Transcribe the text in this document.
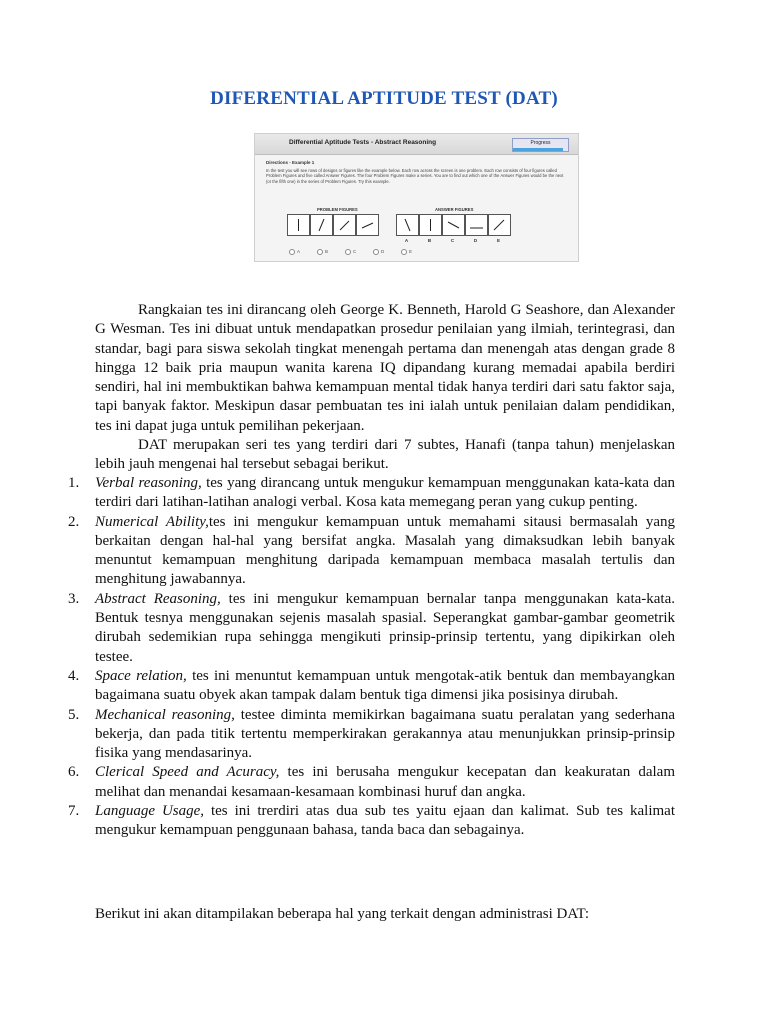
DIFERENTIAL APTITUDE TEST (DAT)
Differential Aptitude Tests - Abstract Reasoning	Progress
Directions - Example 1
In the test you will see rows of designs or figures like the example below. Each row across the screen is one problem. Each row consists of four figures called Problem Figures and five called Answer Figures. The four Problem Figures make a series. You are to find out which one of the Answer Figures would be the next (or the fifth one) in the series of Problem Figures. Try this example.
PROBLEM FIGURES	ANSWER FIGURES
A	B	C	D	E
A	B	C	D	E

Rangkaian tes ini dirancang oleh George K. Benneth, Harold G Seashore, dan Alexander G Wesman. Tes ini dibuat untuk mendapatkan prosedur penilaian yang ilmiah, terintegrasi, dan standar, bagi para siswa sekolah tingkat menengah pertama dan menengah atas dengan grade 8 hingga 12 baik pria maupun wanita karena IQ dipandang kurang memadai apabila berdiri sendiri, hal ini membuktikan bahwa kemampuan mental tidak hanya terdiri dari satu faktor saja, tapi banyak faktor. Meskipun dasar pembuatan tes ini ialah untuk penilaian dalam pendidikan, tes ini dapat juga untuk pemilihan pekerjaan.

DAT merupakan seri tes yang terdiri dari 7 subtes, Hanafi (tanpa tahun) menjelaskan lebih jauh mengenai hal tersebut sebagai berikut.

1. Verbal reasoning, tes yang dirancang untuk mengukur kemampuan menggunakan kata-kata dan terdiri dari latihan-latihan analogi verbal. Kosa kata memegang peran yang cukup penting.
2. Numerical Ability,tes ini mengukur kemampuan untuk memahami sitausi bermasalah yang berkaitan dengan hal-hal yang bersifat angka. Masalah yang dimaksudkan lebih banyak menuntut kemampuan menghitung daripada kemampuan membaca masalah tertulis dan menghitung jawabannya.
3. Abstract Reasoning, tes ini mengukur kemampuan bernalar tanpa menggunakan kata-kata. Bentuk tesnya menggunakan sejenis masalah spasial. Seperangkat gambar-gambar geometrik dirubah sedemikian rupa sehingga mengikuti prinsip-prinsip tertentu, yang dipikirkan oleh testee.
4. Space relation, tes ini menuntut kemampuan untuk mengotak-atik bentuk dan membayangkan bagaimana suatu obyek akan tampak dalam bentuk tiga dimensi jika posisinya dirubah.
5. Mechanical reasoning, testee diminta memikirkan bagaimana suatu peralatan yang sederhana bekerja, dan pada titik tertentu memperkirakan gerakannya atau menunjukkan prinsip-prinsip fisika yang mendasarinya.
6. Clerical Speed and Acuracy, tes ini berusaha mengukur kecepatan dan keakuratan dalam melihat dan menandai kesamaan-kesamaan kombinasi huruf dan angka.
7. Language Usage, tes ini trerdiri atas dua sub tes yaitu ejaan dan kalimat. Sub tes kalimat mengukur kemampuan penggunaan bahasa, tanda baca dan sebagainya.

Berikut ini akan ditampilakan beberapa hal yang terkait dengan administrasi DAT:
